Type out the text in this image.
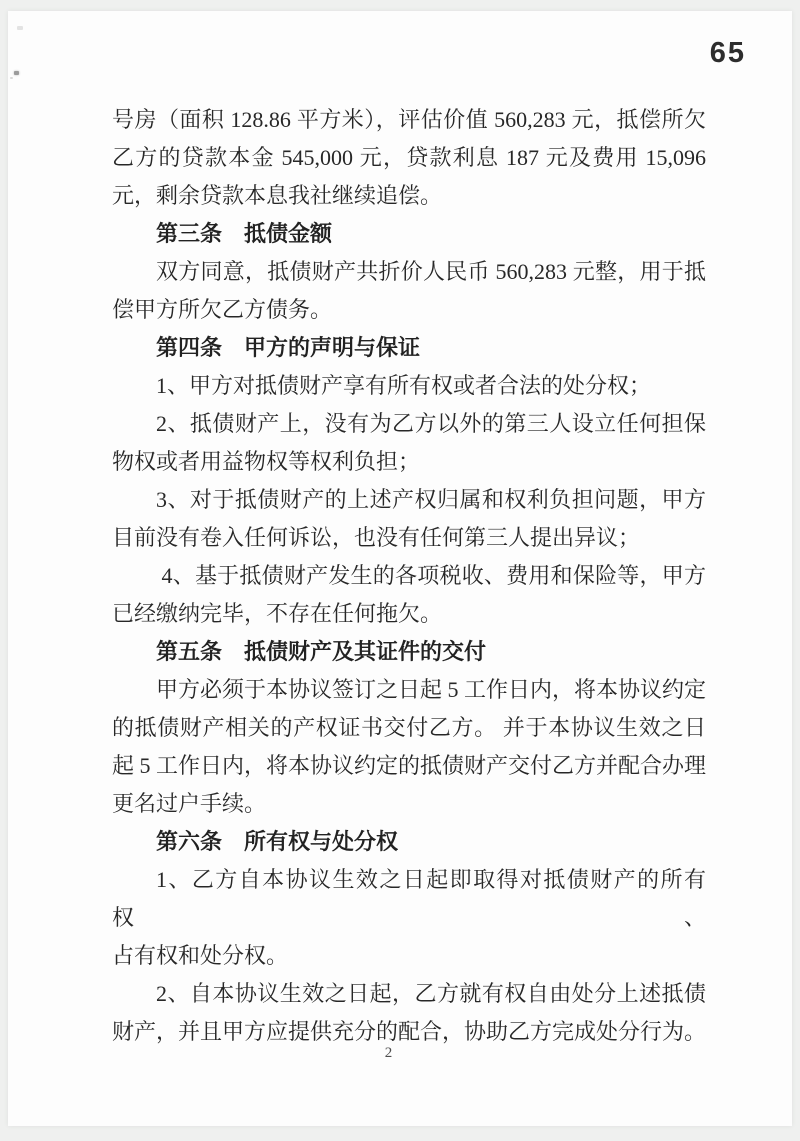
65
号房（面积 128.86 平方米），评估价值 560,283 元，抵偿所欠
乙方的贷款本金 545,000 元，贷款利息 187 元及费用 15,096
元，剩余贷款本息我社继续追偿。
第三条　抵债金额
双方同意，抵债财产共折价人民币 560,283 元整，用于抵
偿甲方所欠乙方债务。
第四条　甲方的声明与保证
1、甲方对抵债财产享有所有权或者合法的处分权；
2、抵债财产上，没有为乙方以外的第三人设立任何担保
物权或者用益物权等权利负担；
3、对于抵债财产的上述产权归属和权利负担问题，甲方
目前没有卷入任何诉讼，也没有任何第三人提出异议；
4、基于抵债财产发生的各项税收、费用和保险等，甲方
已经缴纳完毕，不存在任何拖欠。
第五条　抵债财产及其证件的交付
甲方必须于本协议签订之日起 5 工作日内，将本协议约定
的抵债财产相关的产权证书交付乙方。 并于本协议生效之日
起 5 工作日内，将本协议约定的抵债财产交付乙方并配合办理
更名过户手续。
第六条　所有权与处分权
1、乙方自本协议生效之日起即取得对抵债财产的所有权、
占有权和处分权。
2、自本协议生效之日起，乙方就有权自由处分上述抵债
财产，并且甲方应提供充分的配合，协助乙方完成处分行为。
2
